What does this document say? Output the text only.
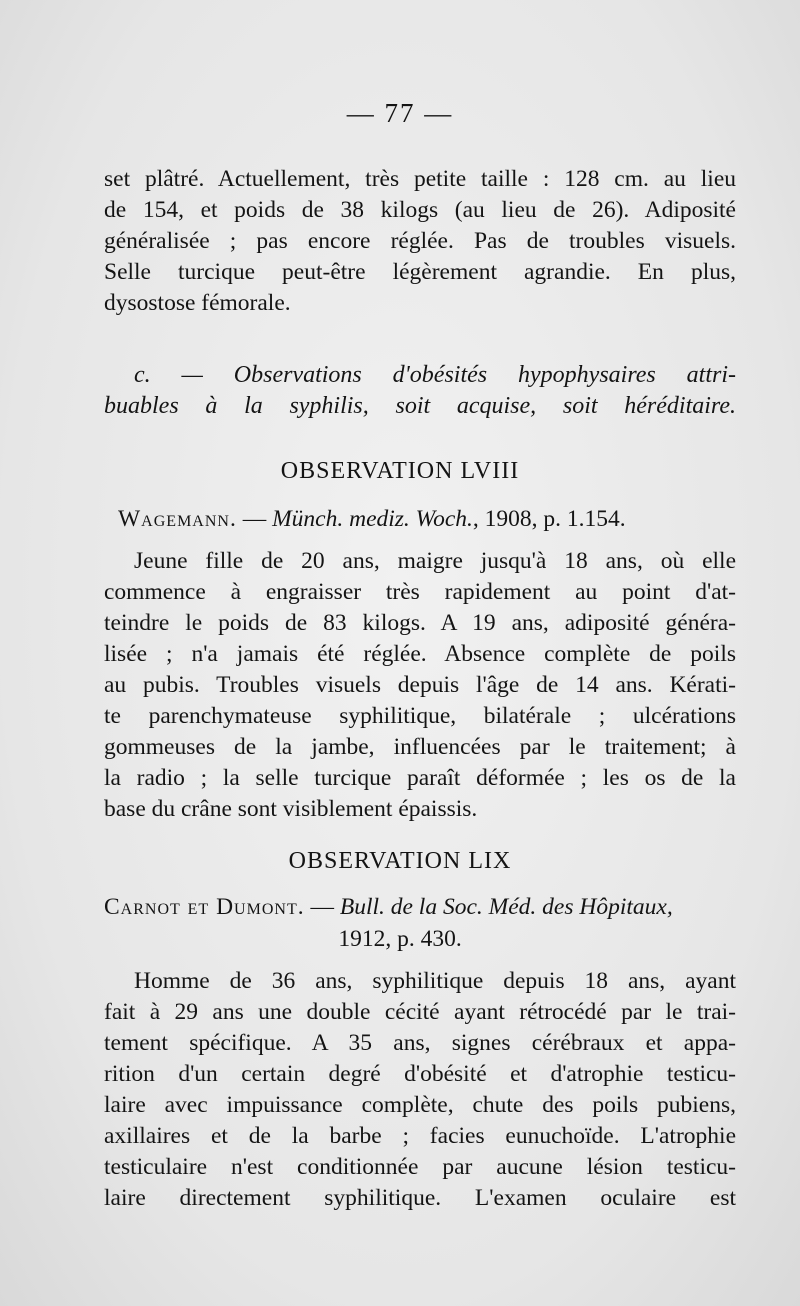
— 77 —
set plâtré. Actuellement, très petite taille : 128 cm. au lieu
de 154, et poids de 38 kilogs (au lieu de 26). Adiposité
généralisée ; pas encore réglée. Pas de troubles visuels.
Selle turcique peut-être légèrement agrandie. En plus,
dysostose fémorale.
c. — Observations d'obésités hypophysaires attri-
buables à la syphilis, soit acquise, soit héréditaire.
OBSERVATION LVIII
Wagemann. — Münch. mediz. Woch., 1908, p. 1.154.
Jeune fille de 20 ans, maigre jusqu'à 18 ans, où elle
commence à engraisser très rapidement au point d'at-
teindre le poids de 83 kilogs. A 19 ans, adiposité généra-
lisée ; n'a jamais été réglée. Absence complète de poils
au pubis. Troubles visuels depuis l'âge de 14 ans. Kérati-
te parenchymateuse syphilitique, bilatérale ; ulcérations
gommeuses de la jambe, influencées par le traitement; à
la radio ; la selle turcique paraît déformée ; les os de la
base du crâne sont visiblement épaissis.
OBSERVATION LIX
Carnot et Dumont. — Bull. de la Soc. Méd. des Hôpitaux,
1912, p. 430.
Homme de 36 ans, syphilitique depuis 18 ans, ayant
fait à 29 ans une double cécité ayant rétrocédé par le trai-
tement spécifique. A 35 ans, signes cérébraux et appa-
rition d'un certain degré d'obésité et d'atrophie testicu-
laire avec impuissance complète, chute des poils pubiens,
axillaires et de la barbe ; facies eunuchoïde. L'atrophie
testiculaire n'est conditionnée par aucune lésion testicu-
laire directement syphilitique. L'examen oculaire est
